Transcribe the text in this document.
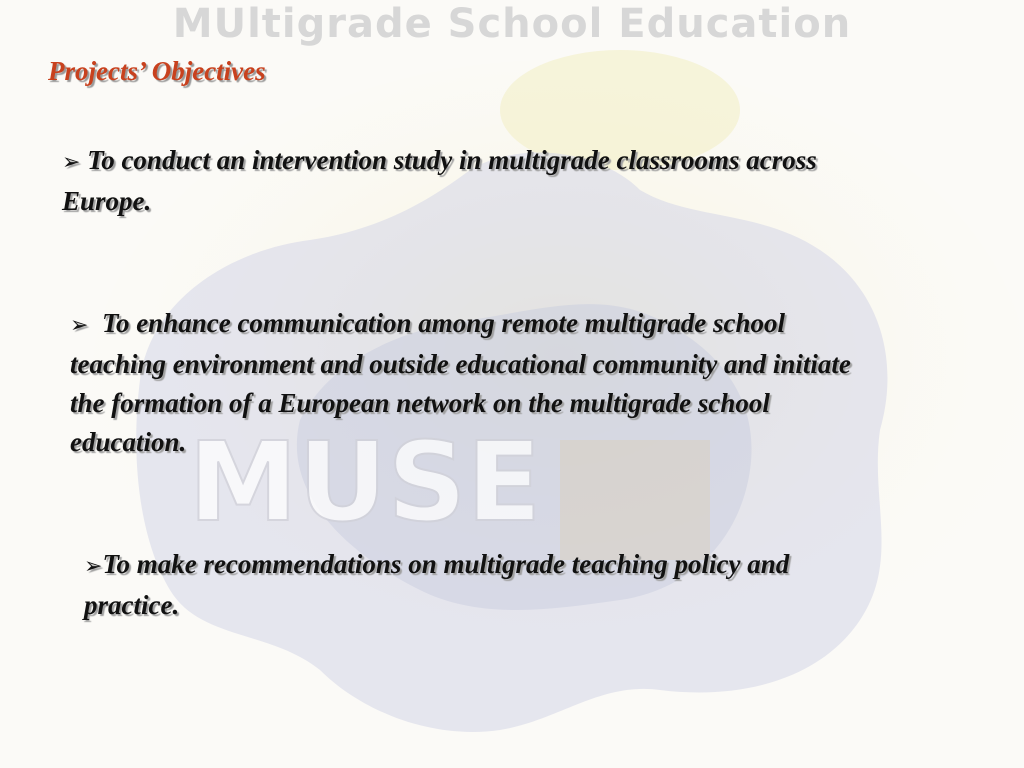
MUSE
MUltigrade School Education
Projects’ Objectives
➢ To conduct an intervention study in multigrade classrooms across Europe.
➢ To enhance communication among remote multigrade school teaching environment and outside educational community and initiate the formation of a European network on the multigrade school education.
➢To make recommendations on multigrade teaching policy and practice.
